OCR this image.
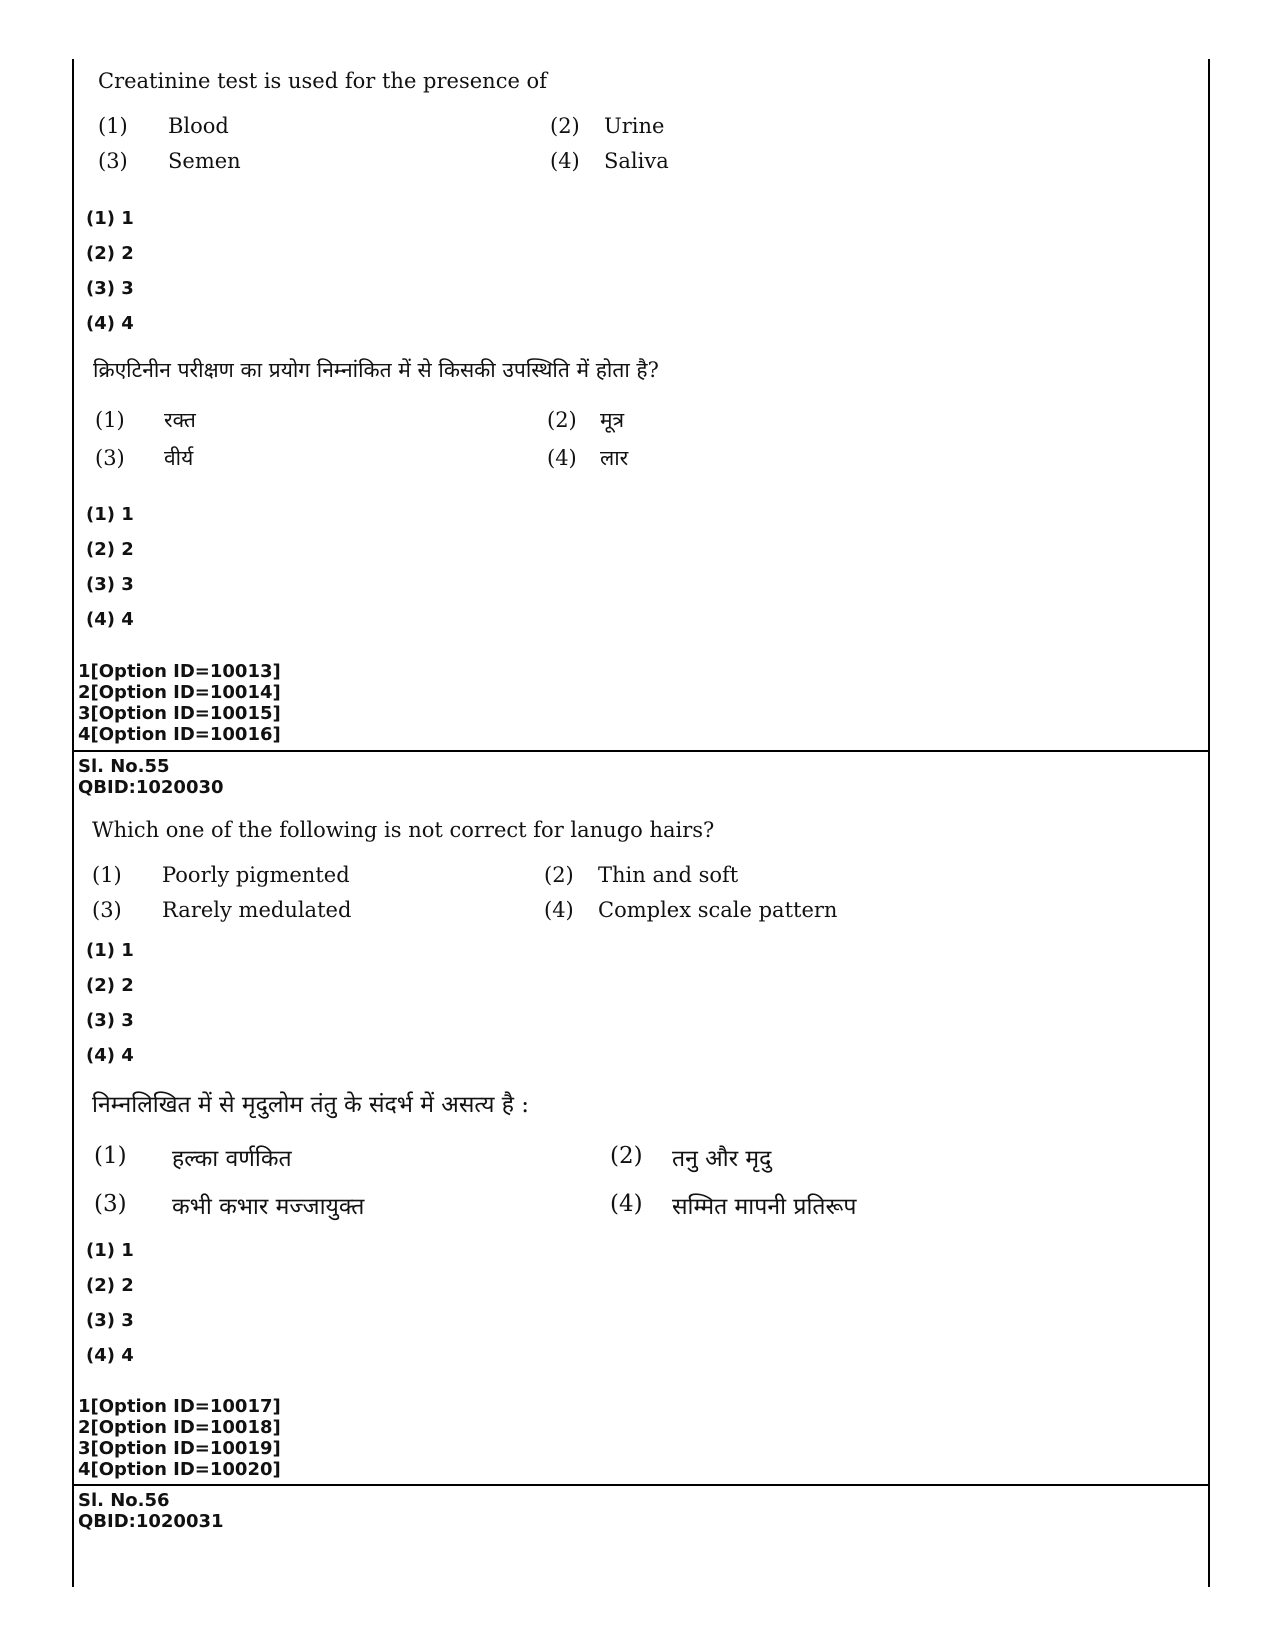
Creatinine test is used for the presence of
(1) Blood	(2) Urine
(3) Semen	(4) Saliva
(1) 1
(2) 2
(3) 3
(4) 4
क्रिएटिनीन परीक्षण का प्रयोग निम्नांकित में से किसकी उपस्थिति में होता है?
(1) रक्त	(2) मूत्र
(3) वीर्य	(4) लार
(1) 1
(2) 2
(3) 3
(4) 4
1[Option ID=10013]
2[Option ID=10014]
3[Option ID=10015]
4[Option ID=10016]
Sl. No.55
QBID:1020030
Which one of the following is not correct for lanugo hairs?
(1) Poorly pigmented	(2) Thin and soft
(3) Rarely medulated	(4) Complex scale pattern
(1) 1
(2) 2
(3) 3
(4) 4
निम्नलिखित में से मृदुलोम तंतु के संदर्भ में असत्य है :
(1) हल्का वर्णकित	(2) तनु और मृदु
(3) कभी कभार मज्जायुक्त	(4) सम्मित मापनी प्रतिरूप
(1) 1
(2) 2
(3) 3
(4) 4
1[Option ID=10017]
2[Option ID=10018]
3[Option ID=10019]
4[Option ID=10020]
Sl. No.56
QBID:1020031
